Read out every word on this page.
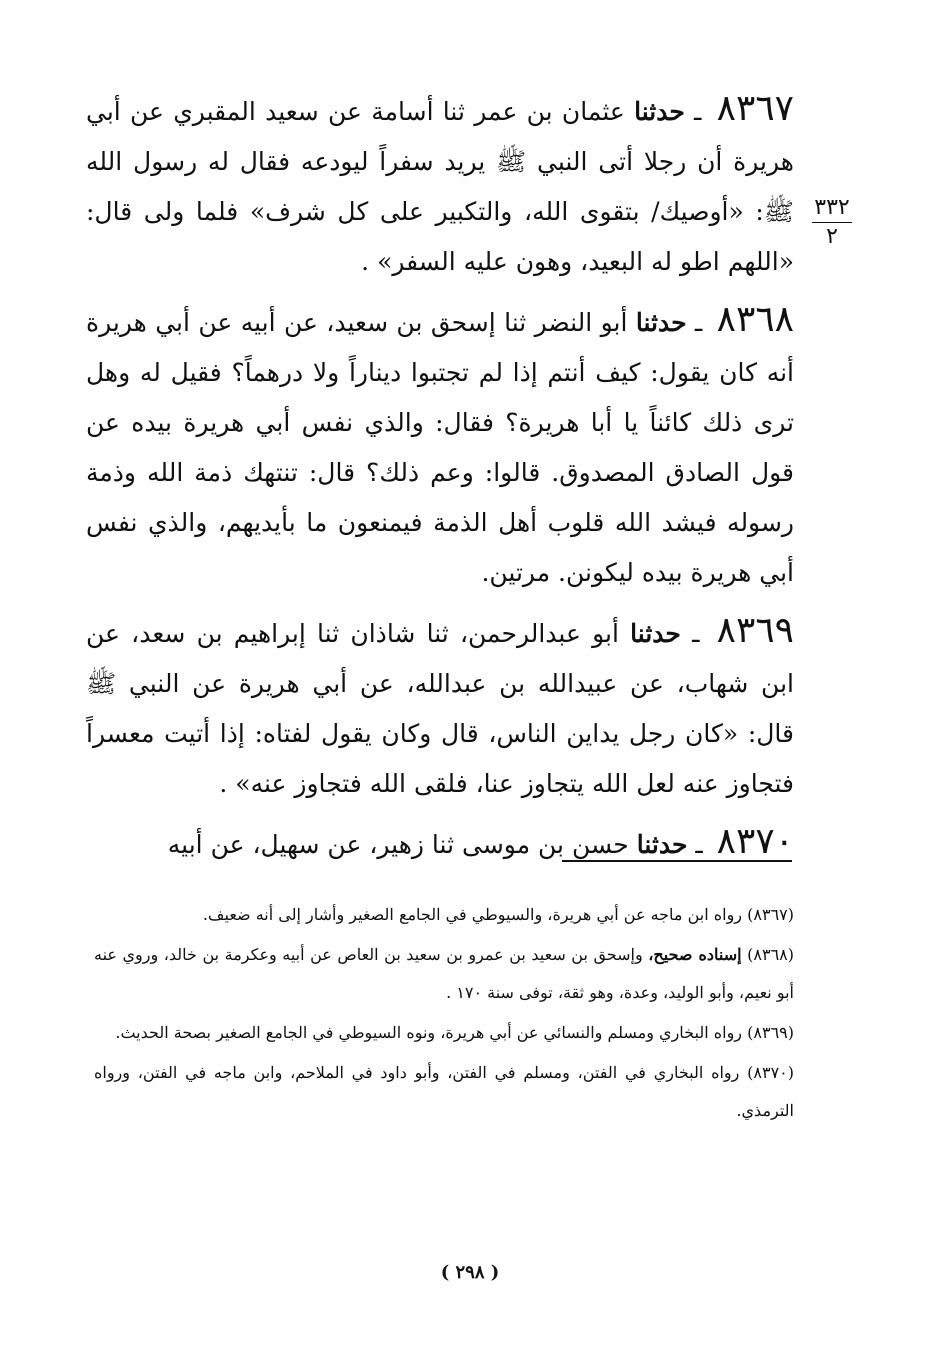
٣٣٢
٢

٨٣٦٧ ـ حدثنا عثمان بن عمر ثنا أسامة عن سعيد المقبري عن أبي هريرة أن رجلا أتى النبي ﷺ يريد سفراً ليودعه فقال له رسول الله ﷺ: «أوصيك/ بتقوى الله، والتكبير على كل شرف» فلما ولى قال: «اللهم اطو له البعيد، وهون عليه السفر» .

٨٣٦٨ ـ حدثنا أبو النضر ثنا إسحق بن سعيد، عن أبيه عن أبي هريرة أنه كان يقول: كيف أنتم إذا لم تجتبوا ديناراً ولا درهماً؟ فقيل له وهل ترى ذلك كائناً يا أبا هريرة؟ فقال: والذي نفس أبي هريرة بيده عن قول الصادق المصدوق. قالوا: وعم ذلك؟ قال: تنتهك ذمة الله وذمة رسوله فيشد الله قلوب أهل الذمة فيمنعون ما بأيديهم، والذي نفس أبي هريرة بيده ليكونن. مرتين.

٨٣٦٩ ـ حدثنا أبو عبدالرحمن، ثنا شاذان ثنا إبراهيم بن سعد، عن ابن شهاب، عن عبيدالله بن عبدالله، عن أبي هريرة عن النبي ﷺ قال: «كان رجل يداين الناس، قال وكان يقول لفتاه: إذا أتيت معسراً فتجاوز عنه لعل الله يتجاوز عنا، فلقى الله فتجاوز عنه» .

٨٣٧٠ ـ حدثنا حسن بن موسى ثنا زهير، عن سهيل، عن أبيه

(٨٣٦٧) رواه ابن ماجه عن أبي هريرة، والسيوطي في الجامع الصغير وأشار إلى أنه ضعيف.

(٨٣٦٨) إسناده صحيح، وإسحق بن سعيد بن عمرو بن سعيد بن العاص عن أبيه وعكرمة بن خالد، وروي عنه أبو نعيم، وأبو الوليد، وعدة، وهو ثقة، توفى سنة ١٧٠ .

(٨٣٦٩) رواه البخاري ومسلم والنسائي عن أبي هريرة، ونوه السيوطي في الجامع الصغير بصحة الحديث.

(٨٣٧٠) رواه البخاري في الفتن، ومسلم في الفتن، وأبو داود في الملاحم، وابن ماجه في الفتن، ورواه الترمذي.

( ٢٩٨ )
